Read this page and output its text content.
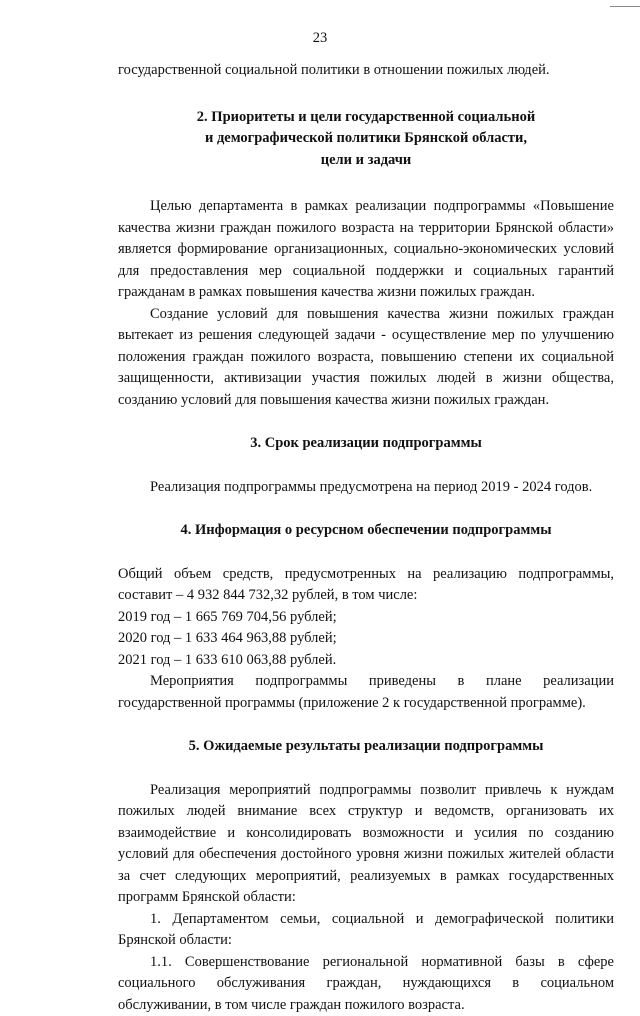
23

государственной социальной политики в отношении пожилых людей.

2. Приоритеты и цели государственной социальной
и демографической политики Брянской области,
цели и задачи

Целью департамента в рамках реализации подпрограммы «Повышение качества жизни граждан пожилого возраста на территории Брянской области» является формирование организационных, социально-экономических условий для предоставления мер социальной поддержки и социальных гарантий гражданам в рамках повышения качества жизни пожилых граждан.

Создание условий для повышения качества жизни пожилых граждан вытекает из решения следующей задачи - осуществление мер по улучшению положения граждан пожилого возраста, повышению степени их социальной защищенности, активизации участия пожилых людей в жизни общества, созданию условий для повышения качества жизни пожилых граждан.

3. Срок реализации подпрограммы

Реализация подпрограммы предусмотрена на период 2019 - 2024 годов.

4. Информация о ресурсном обеспечении подпрограммы

Общий объем средств, предусмотренных на реализацию подпрограммы, составит – 4 932 844 732,32 рублей, в том числе:

2019 год – 1 665 769 704,56 рублей;

2020 год – 1 633 464 963,88 рублей;

2021 год – 1 633 610 063,88 рублей.

Мероприятия подпрограммы приведены в плане реализации государственной программы (приложение 2 к государственной программе).

5. Ожидаемые результаты реализации подпрограммы

Реализация мероприятий подпрограммы позволит привлечь к нуждам пожилых людей внимание всех структур и ведомств, организовать их взаимодействие и консолидировать возможности и усилия по созданию условий для обеспечения достойного уровня жизни пожилых жителей области за счет следующих мероприятий, реализуемых в рамках государственных программ Брянской области:

1. Департаментом семьи, социальной и демографической политики Брянской области:

1.1. Совершенствование региональной нормативной базы в сфере социального обслуживания граждан, нуждающихся в социальном обслуживании, в том числе граждан пожилого возраста.
